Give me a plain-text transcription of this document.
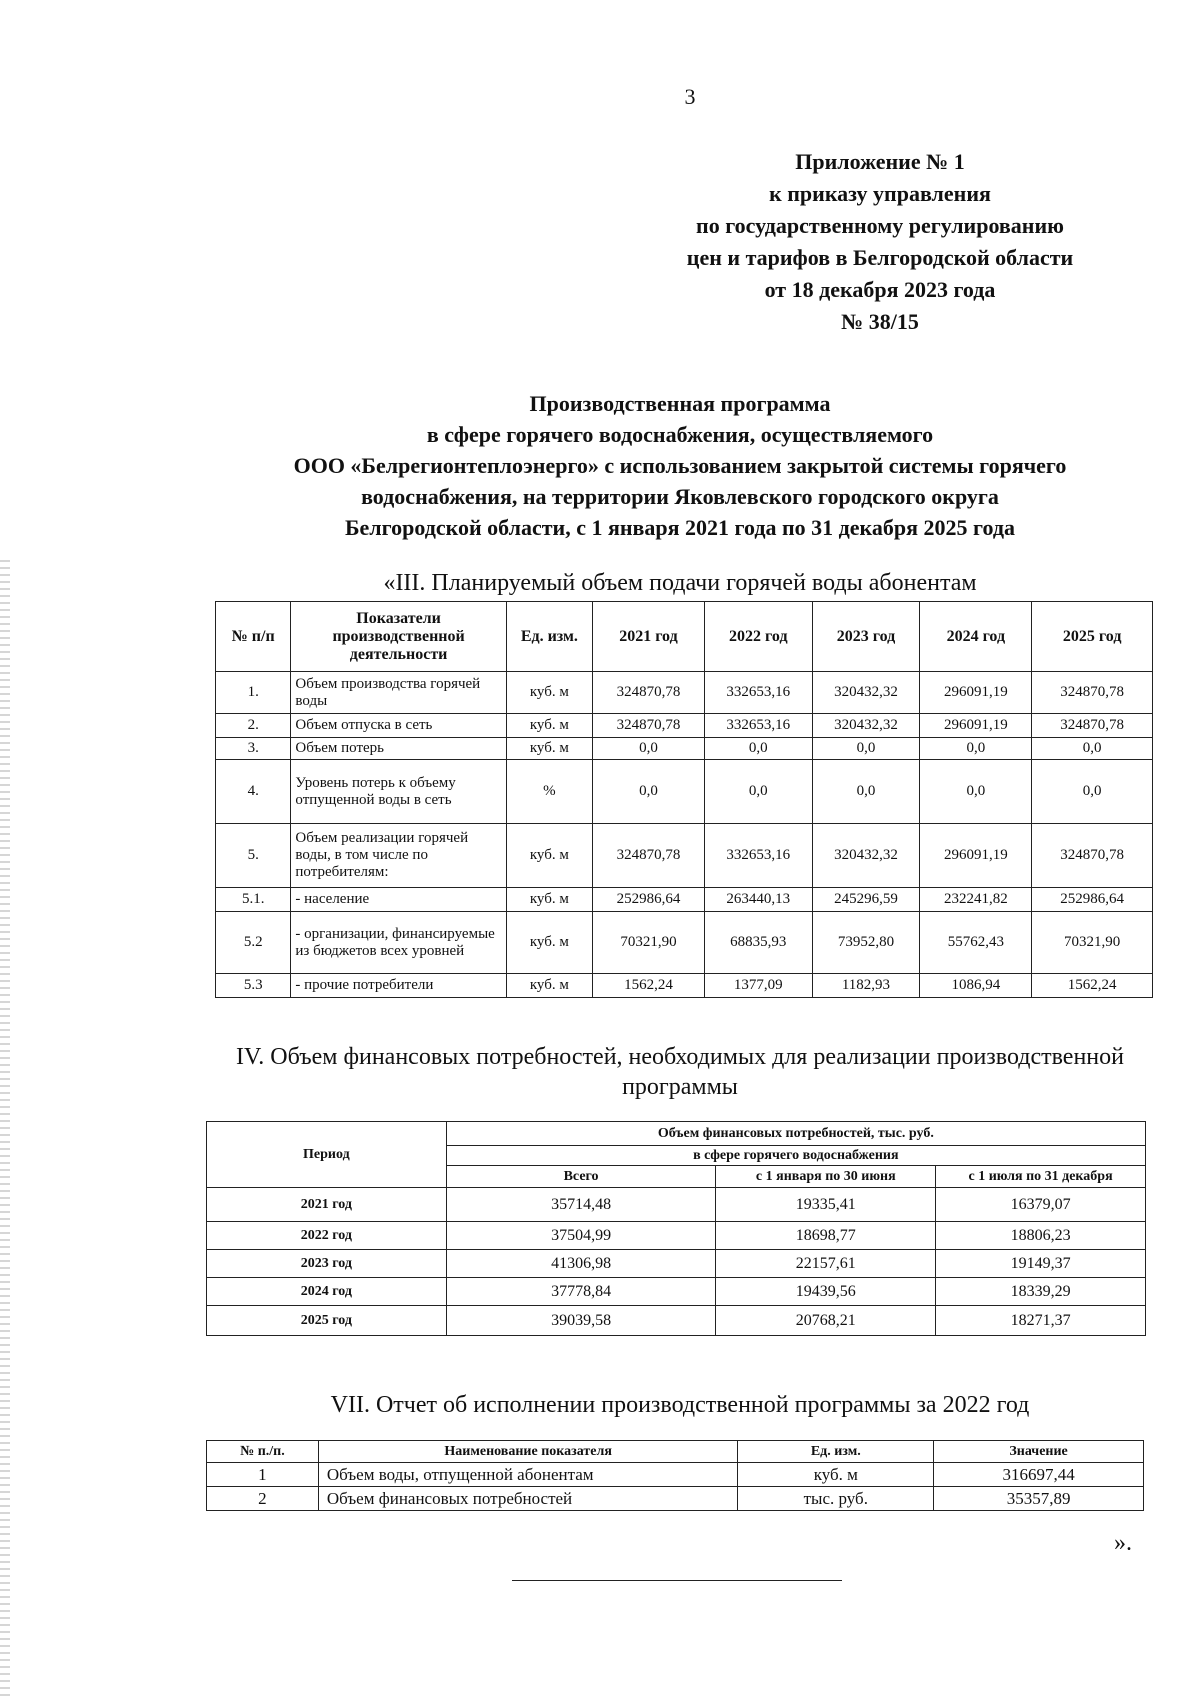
3
Приложение № 1
к приказу управления
по государственному регулированию
цен и тарифов в Белгородской области
от 18 декабря 2023 года
№ 38/15
Производственная программа
в сфере горячего водоснабжения, осуществляемого
ООО «Белрегионтеплоэнерго» с использованием закрытой системы горячего
водоснабжения, на территории Яковлевского городского округа
Белгородской области, с 1 января 2021 года по 31 декабря 2025 года
«III. Планируемый объем подачи горячей воды абонентам
№ п/п	Показатели производственной деятельности	Ед. изм.	2021 год	2022 год	2023 год	2024 год	2025 год
1.	Объем производства горячей воды	куб. м	324870,78	332653,16	320432,32	296091,19	324870,78
2.	Объем отпуска в сеть	куб. м	324870,78	332653,16	320432,32	296091,19	324870,78
3.	Объем потерь	куб. м	0,0	0,0	0,0	0,0	0,0
4.	Уровень потерь к объему отпущенной воды в сеть	%	0,0	0,0	0,0	0,0	0,0
5.	Объем реализации горячей воды, в том числе по потребителям:	куб. м	324870,78	332653,16	320432,32	296091,19	324870,78
5.1.	- население	куб. м	252986,64	263440,13	245296,59	232241,82	252986,64
5.2	- организации, финансируемые из бюджетов всех уровней	куб. м	70321,90	68835,93	73952,80	55762,43	70321,90
5.3	- прочие потребители	куб. м	1562,24	1377,09	1182,93	1086,94	1562,24
IV. Объем финансовых потребностей, необходимых для реализации производственной программы
Период	Объем финансовых потребностей, тыс. руб.		
	в сфере горячего водоснабжения		
	Всего	с 1 января по 30 июня	с 1 июля по 31 декабря
2021 год	35714,48	19335,41	16379,07
2022 год	37504,99	18698,77	18806,23
2023 год	41306,98	22157,61	19149,37
2024 год	37778,84	19439,56	18339,29
2025 год	39039,58	20768,21	18271,37
VII. Отчет об исполнении производственной программы за 2022 год
№ п./п.	Наименование показателя	Ед. изм.	Значение
1	Объем воды, отпущенной абонентам	куб. м	316697,44
2	Объем финансовых потребностей	тыс. руб.	35357,89
».
